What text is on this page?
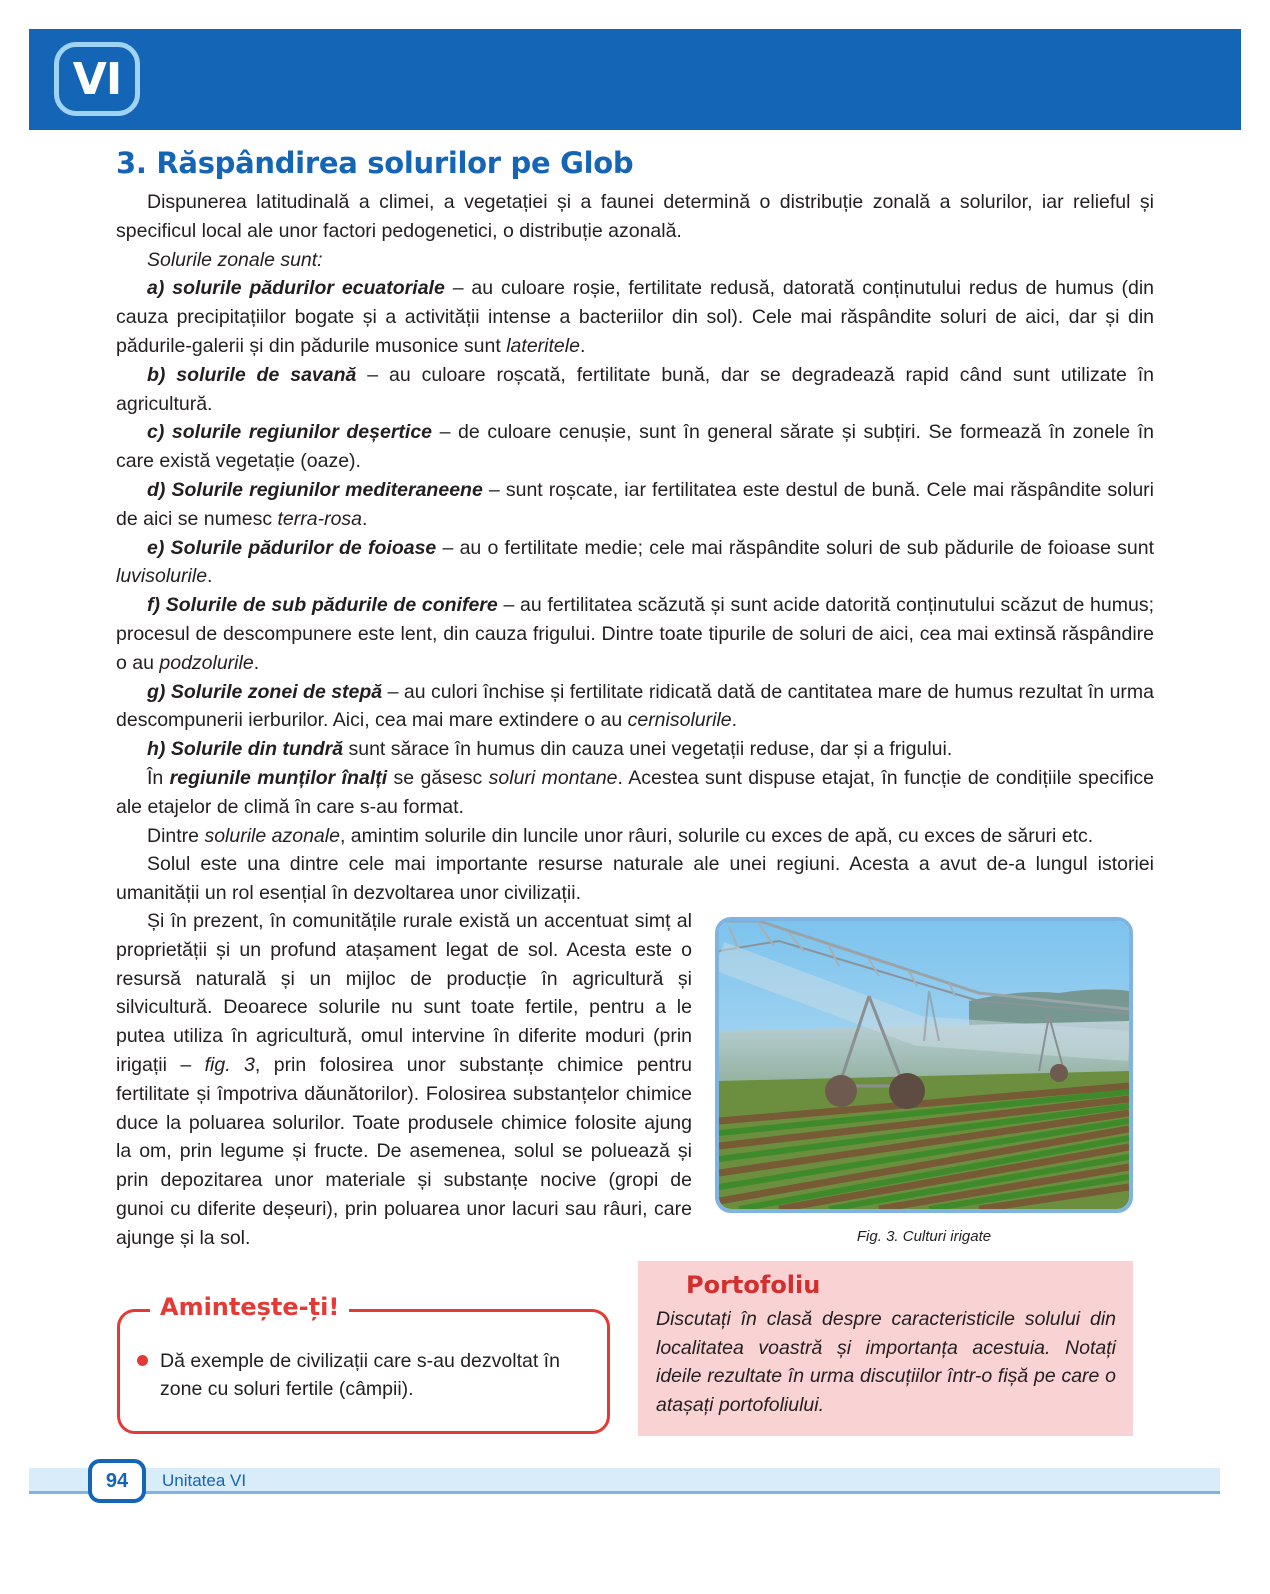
VI
3. Răspândirea solurilor pe Glob

Dispunerea latitudinală a climei, a vegetației și a faunei determină o distribuție zonală a solurilor, iar relieful și specificul local ale unor factori pedogenetici, o distribuție azonală.

Solurile zonale sunt:

a) solurile pădurilor ecuatoriale – au culoare roșie, fertilitate redusă, datorată conținutului redus de humus (din cauza precipitațiilor bogate și a activității intense a bacteriilor din sol). Cele mai răspândite soluri de aici, dar și din pădurile-galerii și din pădurile musonice sunt lateritele.

b) solurile de savană – au culoare roșcată, fertilitate bună, dar se degradează rapid când sunt utilizate în agricultură.

c) solurile regiunilor deșertice – de culoare cenușie, sunt în general sărate și subțiri. Se formează în zonele în care există vegetație (oaze).

d) Solurile regiunilor mediteraneene – sunt roșcate, iar fertilitatea este destul de bună. Cele mai răspândite soluri de aici se numesc terra-rosa.

e) Solurile pădurilor de foioase – au o fertilitate medie; cele mai răspândite soluri de sub pădurile de foioase sunt luvisolurile.

f) Solurile de sub pădurile de conifere – au fertilitatea scăzută și sunt acide datorită conținutului scăzut de humus; procesul de descompunere este lent, din cauza frigului. Dintre toate tipurile de soluri de aici, cea mai extinsă răspândire o au podzolurile.

g) Solurile zonei de stepă – au culori închise și fertilitate ridicată dată de cantitatea mare de humus rezultat în urma descompunerii ierburilor. Aici, cea mai mare extindere o au cernisolurile.

h) Solurile din tundră sunt sărace în humus din cauza unei vegetații reduse, dar și a frigului.

În regiunile munților înalți se găsesc soluri montane. Acestea sunt dispuse etajat, în funcție de condițiile specifice ale etajelor de climă în care s-au format.

Dintre solurile azonale, amintim solurile din luncile unor râuri, solurile cu exces de apă, cu exces de săruri etc.

Solul este una dintre cele mai importante resurse naturale ale unei regiuni. Acesta a avut de-a lungul istoriei umanității un rol esențial în dezvoltarea unor civilizații.

Și în prezent, în comunitățile rurale există un accentuat simț al proprietății și un profund atașament legat de sol. Acesta este o resursă naturală și un mijloc de producție în agricultură și silvicultură. Deoarece solurile nu sunt toate fertile, pentru a le putea utiliza în agricultură, omul intervine în diferite moduri (prin irigații – fig. 3, prin folosirea unor substanțe chimice pentru fertilitate și împotriva dăunătorilor). Folosirea substanțelor chimice duce la poluarea solurilor. Toate produsele chimice folosite ajung la om, prin legume și fructe. De asemenea, solul se poluează și prin depozitarea unor materiale și substanțe nocive (gropi de gunoi cu diferite deșeuri), prin poluarea unor lacuri sau râuri, care ajunge și la sol.	Fig. 3. Culturi irigate
Amintește-ți!
Dă exemple de civilizații care s-au dezvoltat în zone cu soluri fertile (câmpii).
Portofoliu
Discutați în clasă despre caracteristicile solului din localitatea voastră și importanța acestuia. Notați ideile rezultate în urma discuțiilor într-o fișă pe care o atașați portofoliului.
94	Unitatea VI
